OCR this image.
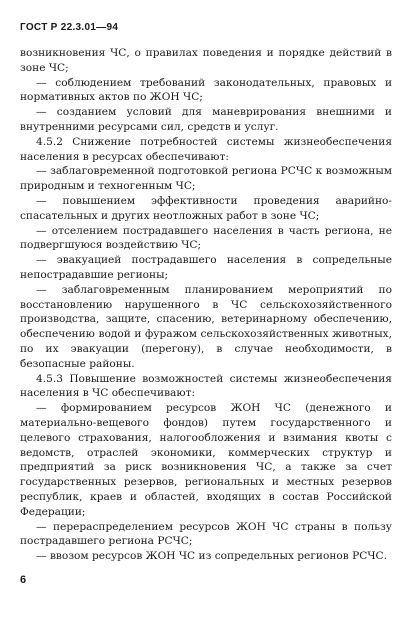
ГОСТ Р 22.3.01—94

возникновения ЧС, о правилах поведения и порядке действий в зоне ЧС;

— соблюдением требований законодательных, правовых и нормативных актов по ЖОН ЧС;

— созданием условий для маневрирования внешними и внутренними ресурсами сил, средств и услуг.

4.5.2 Снижение потребностей системы жизнеобеспечения населения в ресурсах обеспечивают:

— заблаговременной подготовкой региона РСЧС к возможным природным и техногенным ЧС;

— повышением эффективности проведения аварийно-спасательных и других неотложных работ в зоне ЧС;

— отселением пострадавшего населения в часть региона, не подвергшуюся воздействию ЧС;

— эвакуацией пострадавшего населения в сопредельные непострадавшие регионы;

— заблаговременным планированием мероприятий по восстановлению нарушенного в ЧС сельскохозяйственного производства, защите, спасению, ветеринарному обеспечению, обеспечению водой и фуражом сельскохозяйственных животных, по их эвакуации (перегону), в случае необходимости, в безопасные районы.

4.5.3 Повышение возможностей системы жизнеобеспечения населения в ЧС обеспечивают:

— формированием ресурсов ЖОН ЧС (денежного и материально-вещевого фондов) путем государственного и целевого страхования, налогообложения и взимания квоты с ведомств, отраслей экономики, коммерческих структур и предприятий за риск возникновения ЧС, а также за счет государственных резервов, региональных и местных резервов республик, краев и областей, входящих в состав Российской Федерации;

— перераспределением ресурсов ЖОН ЧС страны в пользу пострадавшего региона РСЧС;

— ввозом ресурсов ЖОН ЧС из сопредельных регионов РСЧС.

6
